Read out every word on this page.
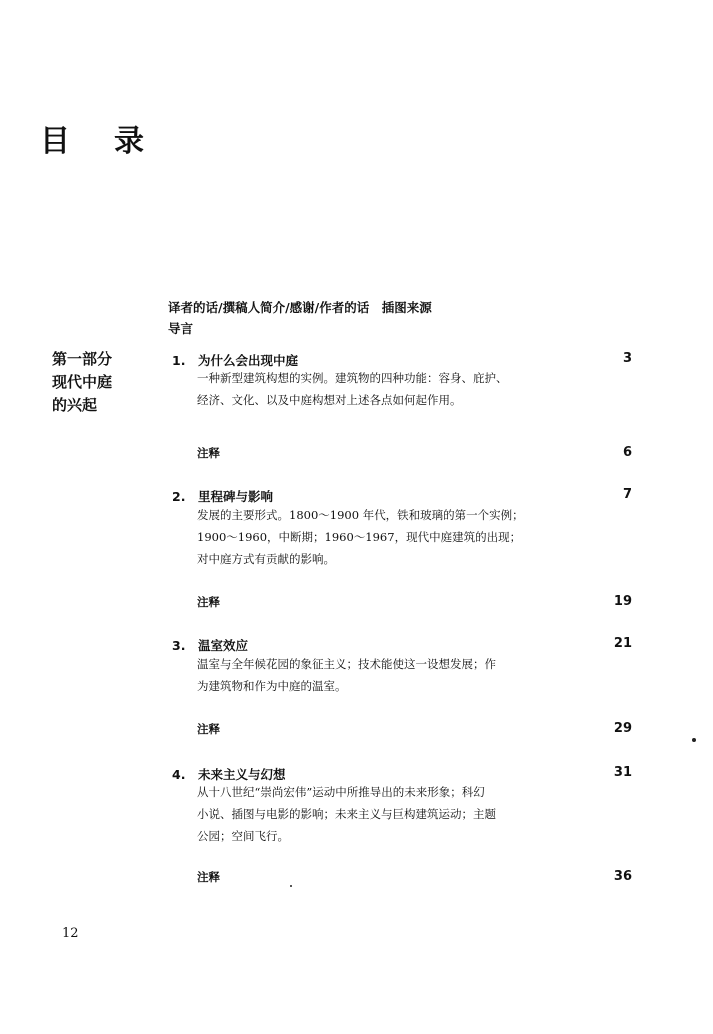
目 录
译者的话/撰稿人简介/感谢/作者的话　插图来源
导言
第一部分
现代中庭
的兴起
1. 为什么会出现中庭	3
一种新型建筑构想的实例。建筑物的四种功能：容身、庇护、
经济、文化、以及中庭构想对上述各点如何起作用。
注释	6
2. 里程碑与影响	7
发展的主要形式。1800～1900 年代，铁和玻璃的第一个实例；
1900～1960，中断期；1960～1967，现代中庭建筑的出现；
对中庭方式有贡献的影响。
注释	19
3. 温室效应	21
温室与全年候花园的象征主义；技术能使这一设想发展；作
为建筑物和作为中庭的温室。
注释	29
4. 未来主义与幻想	31
从十八世纪“崇尚宏伟”运动中所推导出的未来形象；科幻
小说、插图与电影的影响；未来主义与巨构建筑运动；主题
公园；空间飞行。
注释	36
12
